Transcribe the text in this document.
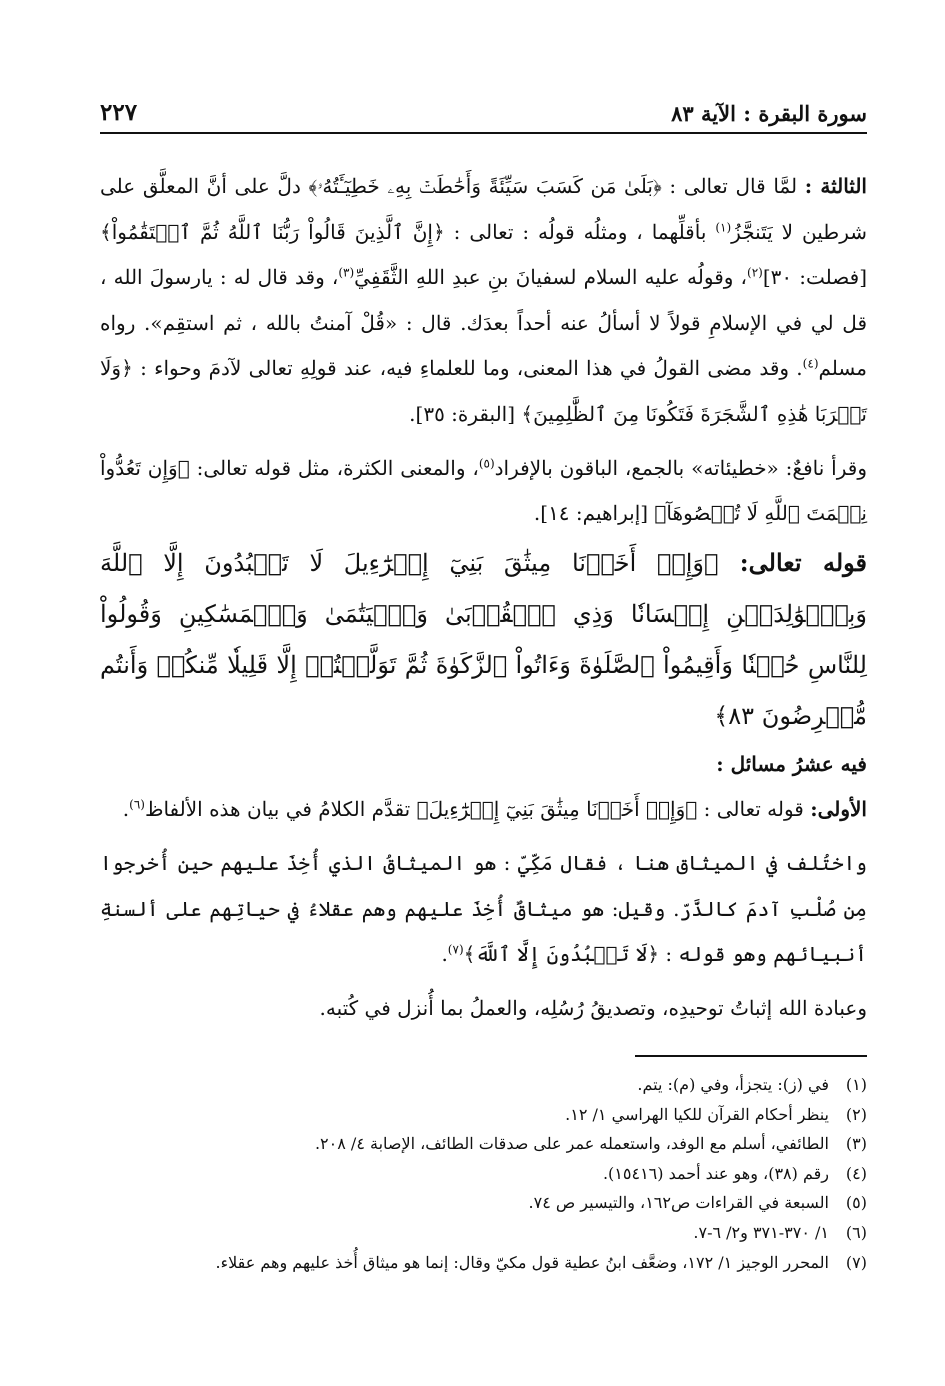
سورة البقرة : الآية ٨٣
٢٢٧

الثالثة : لمَّا قال تعالى : ﴿بَلَىٰ مَن كَسَبَ سَيِّئَةً وَأَحَٰطَتۡ بِهِۦ خَطِيٓـَٔتُهُۥ﴾ دلَّ على أنَّ المعلَّق على شرطين لا يَتَنجَّزُ$^{(١)}$ بأقلِّهما ، ومثلُه قولُه : تعالى : ﴿إِنَّ ٱلَّذِينَ قَالُواْ رَبُّنَا ٱللَّهُ ثُمَّ ٱسۡتَقَٰمُواْ﴾ [فصلت: ٣٠]$^{(٢)}$، وقولُه عليه السلام لسفيانَ بنِ عبدِ اللهِ الثَّقَفِيِّ$^{(٣)}$، وقد قال له : يارسولَ الله ، قل لي في الإسلامِ قولاً لا أسألُ عنه أحداً بعدَك. قال : «قُلْ آمنتُ بالله ، ثم استقِم». رواه مسلم$^{(٤)}$. وقد مضى القولُ في هذا المعنى، وما للعلماءِ فيه، عند قولِهِ تعالى لآدمَ وحواء : ﴿وَلَا تَقۡرَبَا هَٰذِهِ ٱلشَّجَرَةَ فَتَكُونَا مِنَ ٱلظَّٰلِمِينَ﴾ [البقرة: ٣٥].

وقرأ نافعٌ: «خطيئاته» بالجمع، الباقون بالإفراد$^{(٥)}$، والمعنى الكثرة، مثل قوله تعالى: ﴿وَإِن تَعُدُّواْ نِعۡمَتَ ٱللَّهِ لَا تُحۡصُوهَآ﴾ [إبراهيم: ١٤].

قوله تعالى: ﴿وَإِذۡ أَخَذۡنَا مِيثَٰقَ بَنِيٓ إِسۡرَٰٓءِيلَ لَا تَعۡبُدُونَ إِلَّا ٱللَّهَ وَبِٱلۡوَٰلِدَيۡنِ إِحۡسَانٗا وَذِي ٱلۡقُرۡبَىٰ وَٱلۡيَتَٰمَىٰ وَٱلۡمَسَٰكِينِ وَقُولُواْ لِلنَّاسِ حُسۡنٗا وَأَقِيمُواْ ٱلصَّلَوٰةَ وَءَاتُواْ ٱلزَّكَوٰةَ ثُمَّ تَوَلَّيۡتُمۡ إِلَّا قَلِيلٗا مِّنكُمۡ وَأَنتُم مُّعۡرِضُونَ ٨٣﴾

فيه عشرُ مسائل :

الأولى: قوله تعالى : ﴿وَإِذۡ أَخَذۡنَا مِيثَٰقَ بَنِيٓ إِسۡرَٰٓءِيلَ﴾ تقدَّم الكلامُ في بيان هذه الألفاظ$^{(٦)}$.

واختُلف في الميثاق هنا ، فقال مَكِّيّ : هو الميثاقُ الذي أُخِذَ عليهم حين أُخرجوا مِن صُلْبِ آدمَ كالذَّرّ. وقيل: هو ميثاقٌ أُخِذَ عليهم وهم عقلاءُ في حياتِهم على ألسنةِ أنبيائهم وهو قوله : ﴿لَا تَعۡبُدُونَ إِلَّا ٱللَّهَ﴾$^{(٧)}$.

وعبادة الله إثباتُ توحيدِه، وتصديقُ رُسُلِه، والعملُ بما أُنزل في كُتبه.

(١)
في (ز): يتجزأ، وفي (م): يتم.
(٢)
ينظر أحكام القرآن للكيا الهراسي ١/ ١٢.
(٣)
الطائفي، أسلم مع الوفد، واستعمله عمر على صدقات الطائف، الإصابة ٤/ ٢٠٨.
(٤)
رقم (٣٨)، وهو عند أحمد (١٥٤١٦).
(٥)
السبعة في القراءات ص١٦٢، والتيسير ص ٧٤.
(٦)
١/ ٣٧٠-٣٧١ و٢/ ٦-٧.
(٧)
المحرر الوجيز ١/ ١٧٢، وضعَّف ابنُ عطية قول مكيّ وقال: إنما هو ميثاق أُخذ عليهم وهم عقلاء.
